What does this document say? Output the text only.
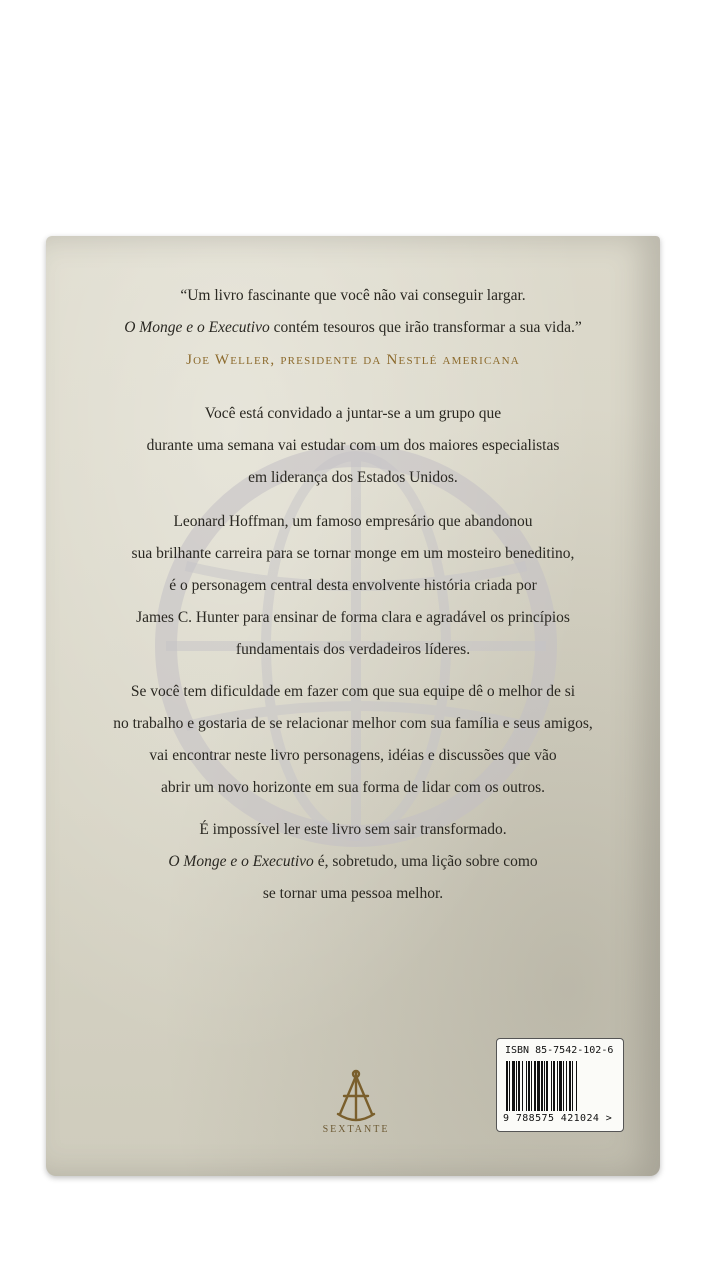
“Um livro fascinante que você não vai conseguir largar.
O Monge e o Executivo contém tesouros que irão transformar a sua vida.”
Joe Weller, presidente da Nestlé americana
Você está convidado a juntar-se a um grupo que
durante uma semana vai estudar com um dos maiores especialistas
em liderança dos Estados Unidos.
Leonard Hoffman, um famoso empresário que abandonou
sua brilhante carreira para se tornar monge em um mosteiro beneditino,
é o personagem central desta envolvente história criada por
James C. Hunter para ensinar de forma clara e agradável os princípios
fundamentais dos verdadeiros líderes.
Se você tem dificuldade em fazer com que sua equipe dê o melhor de si
no trabalho e gostaria de se relacionar melhor com sua família e seus amigos,
vai encontrar neste livro personagens, idéias e discussões que vão
abrir um novo horizonte em sua forma de lidar com os outros.
É impossível ler este livro sem sair transformado.
O Monge e o Executivo é, sobretudo, uma lição sobre como
se tornar uma pessoa melhor.
SEXTANTE
ISBN 85-7542-102-6
9 788575 421024 >
